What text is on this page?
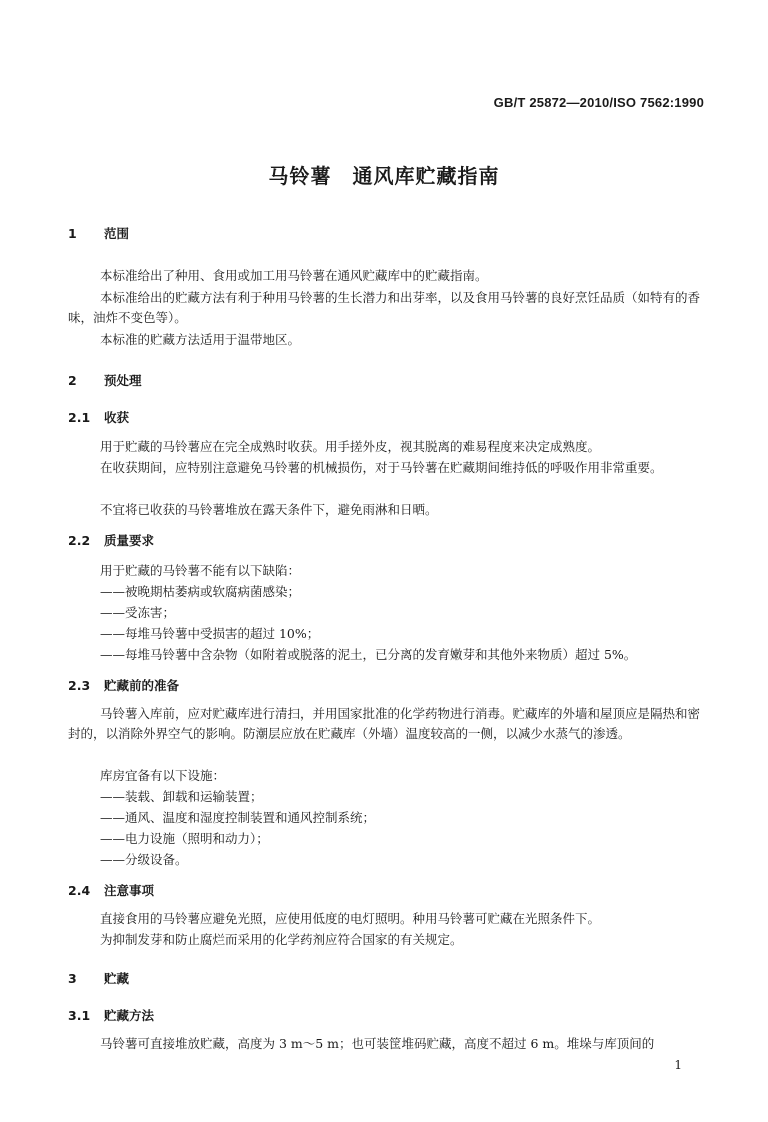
GB/T 25872—2010/ISO 7562:1990
马铃薯　通风库贮藏指南
1 范围
本标准给出了种用、食用或加工用马铃薯在通风贮藏库中的贮藏指南。
本标准给出的贮藏方法有利于种用马铃薯的生长潜力和出芽率，以及食用马铃薯的良好烹饪品质（如特有的香味，油炸不变色等）。
本标准的贮藏方法适用于温带地区。
2 预处理
2.1 收获
用于贮藏的马铃薯应在完全成熟时收获。用手搓外皮，视其脱离的难易程度来决定成熟度。
在收获期间，应特别注意避免马铃薯的机械损伤，对于马铃薯在贮藏期间维持低的呼吸作用非常重要。
不宜将已收获的马铃薯堆放在露天条件下，避免雨淋和日晒。
2.2 质量要求
用于贮藏的马铃薯不能有以下缺陷：
——被晚期枯萎病或软腐病菌感染；
——受冻害；
——每堆马铃薯中受损害的超过 10%；
——每堆马铃薯中含杂物（如附着或脱落的泥土，已分离的发育嫩芽和其他外来物质）超过 5%。
2.3 贮藏前的准备
马铃薯入库前，应对贮藏库进行清扫，并用国家批准的化学药物进行消毒。贮藏库的外墙和屋顶应是隔热和密封的，以消除外界空气的影响。防潮层应放在贮藏库（外墙）温度较高的一侧，以减少水蒸气的渗透。
库房宜备有以下设施：
——装载、卸载和运输装置；
——通风、温度和湿度控制装置和通风控制系统；
——电力设施（照明和动力）；
——分级设备。
2.4 注意事项
直接食用的马铃薯应避免光照，应使用低度的电灯照明。种用马铃薯可贮藏在光照条件下。
为抑制发芽和防止腐烂而采用的化学药剂应符合国家的有关规定。
3 贮藏
3.1 贮藏方法
马铃薯可直接堆放贮藏，高度为 3 m～5 m；也可装筐堆码贮藏，高度不超过 6 m。堆垛与库顶间的
1
